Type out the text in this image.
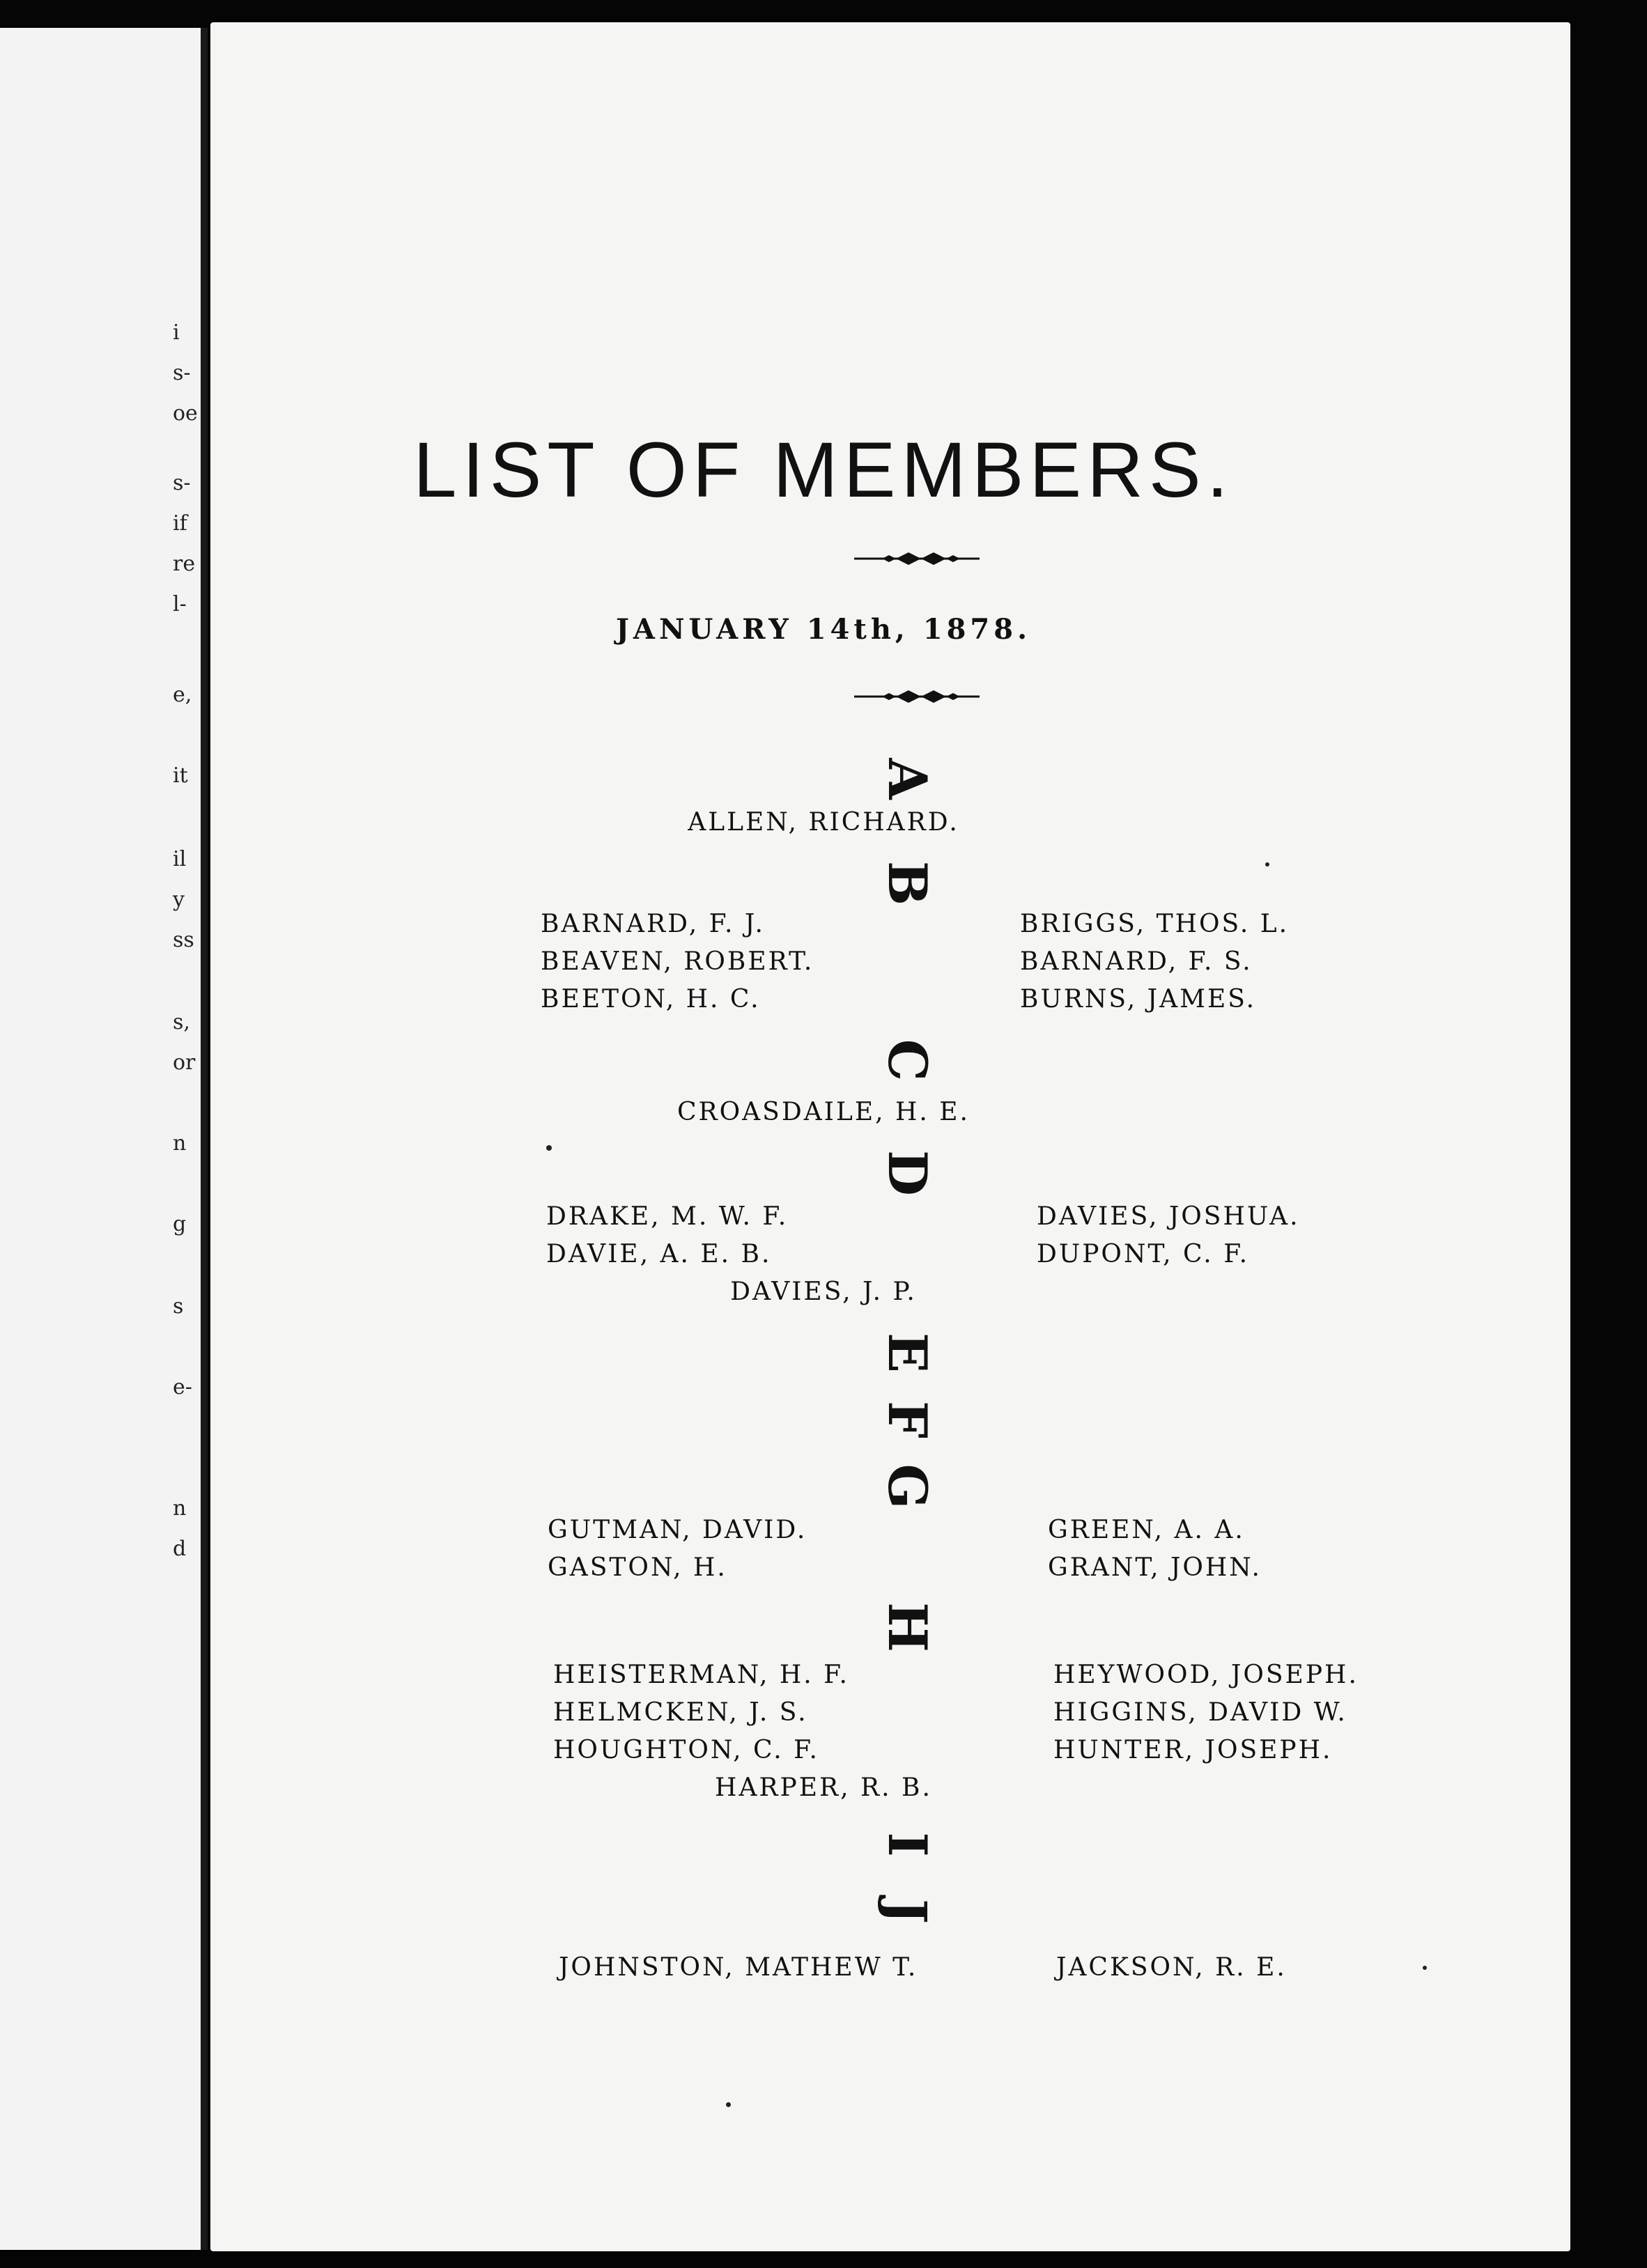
i
s-
oe
s-
if
re
l-
e,
it
il
y
ss
s,
or
n
g
s
e-
n
d
LIST OF MEMBERS.
JANUARY 14th, 1878.
A
ALLEN, RICHARD.
B
BARNARD, F. J.
BEAVEN, ROBERT.
BEETON, H. C.
BRIGGS, THOS. L.
BARNARD, F. S.
BURNS, JAMES.
C
CROASDAILE, H. E.
D
DRAKE, M. W. F.
DAVIE, A. E. B.
DAVIES, JOSHUA.
DUPONT, C. F.
DAVIES, J. P.
E
F
G
GUTMAN, DAVID.
GASTON, H.
GREEN, A. A.
GRANT, JOHN.
H
HEISTERMAN, H. F.
HELMCKEN, J. S.
HOUGHTON, C. F.
HEYWOOD, JOSEPH.
HIGGINS, DAVID W.
HUNTER, JOSEPH.
HARPER, R. B.
I
J
JOHNSTON, MATHEW T.	JACKSON, R. E.
